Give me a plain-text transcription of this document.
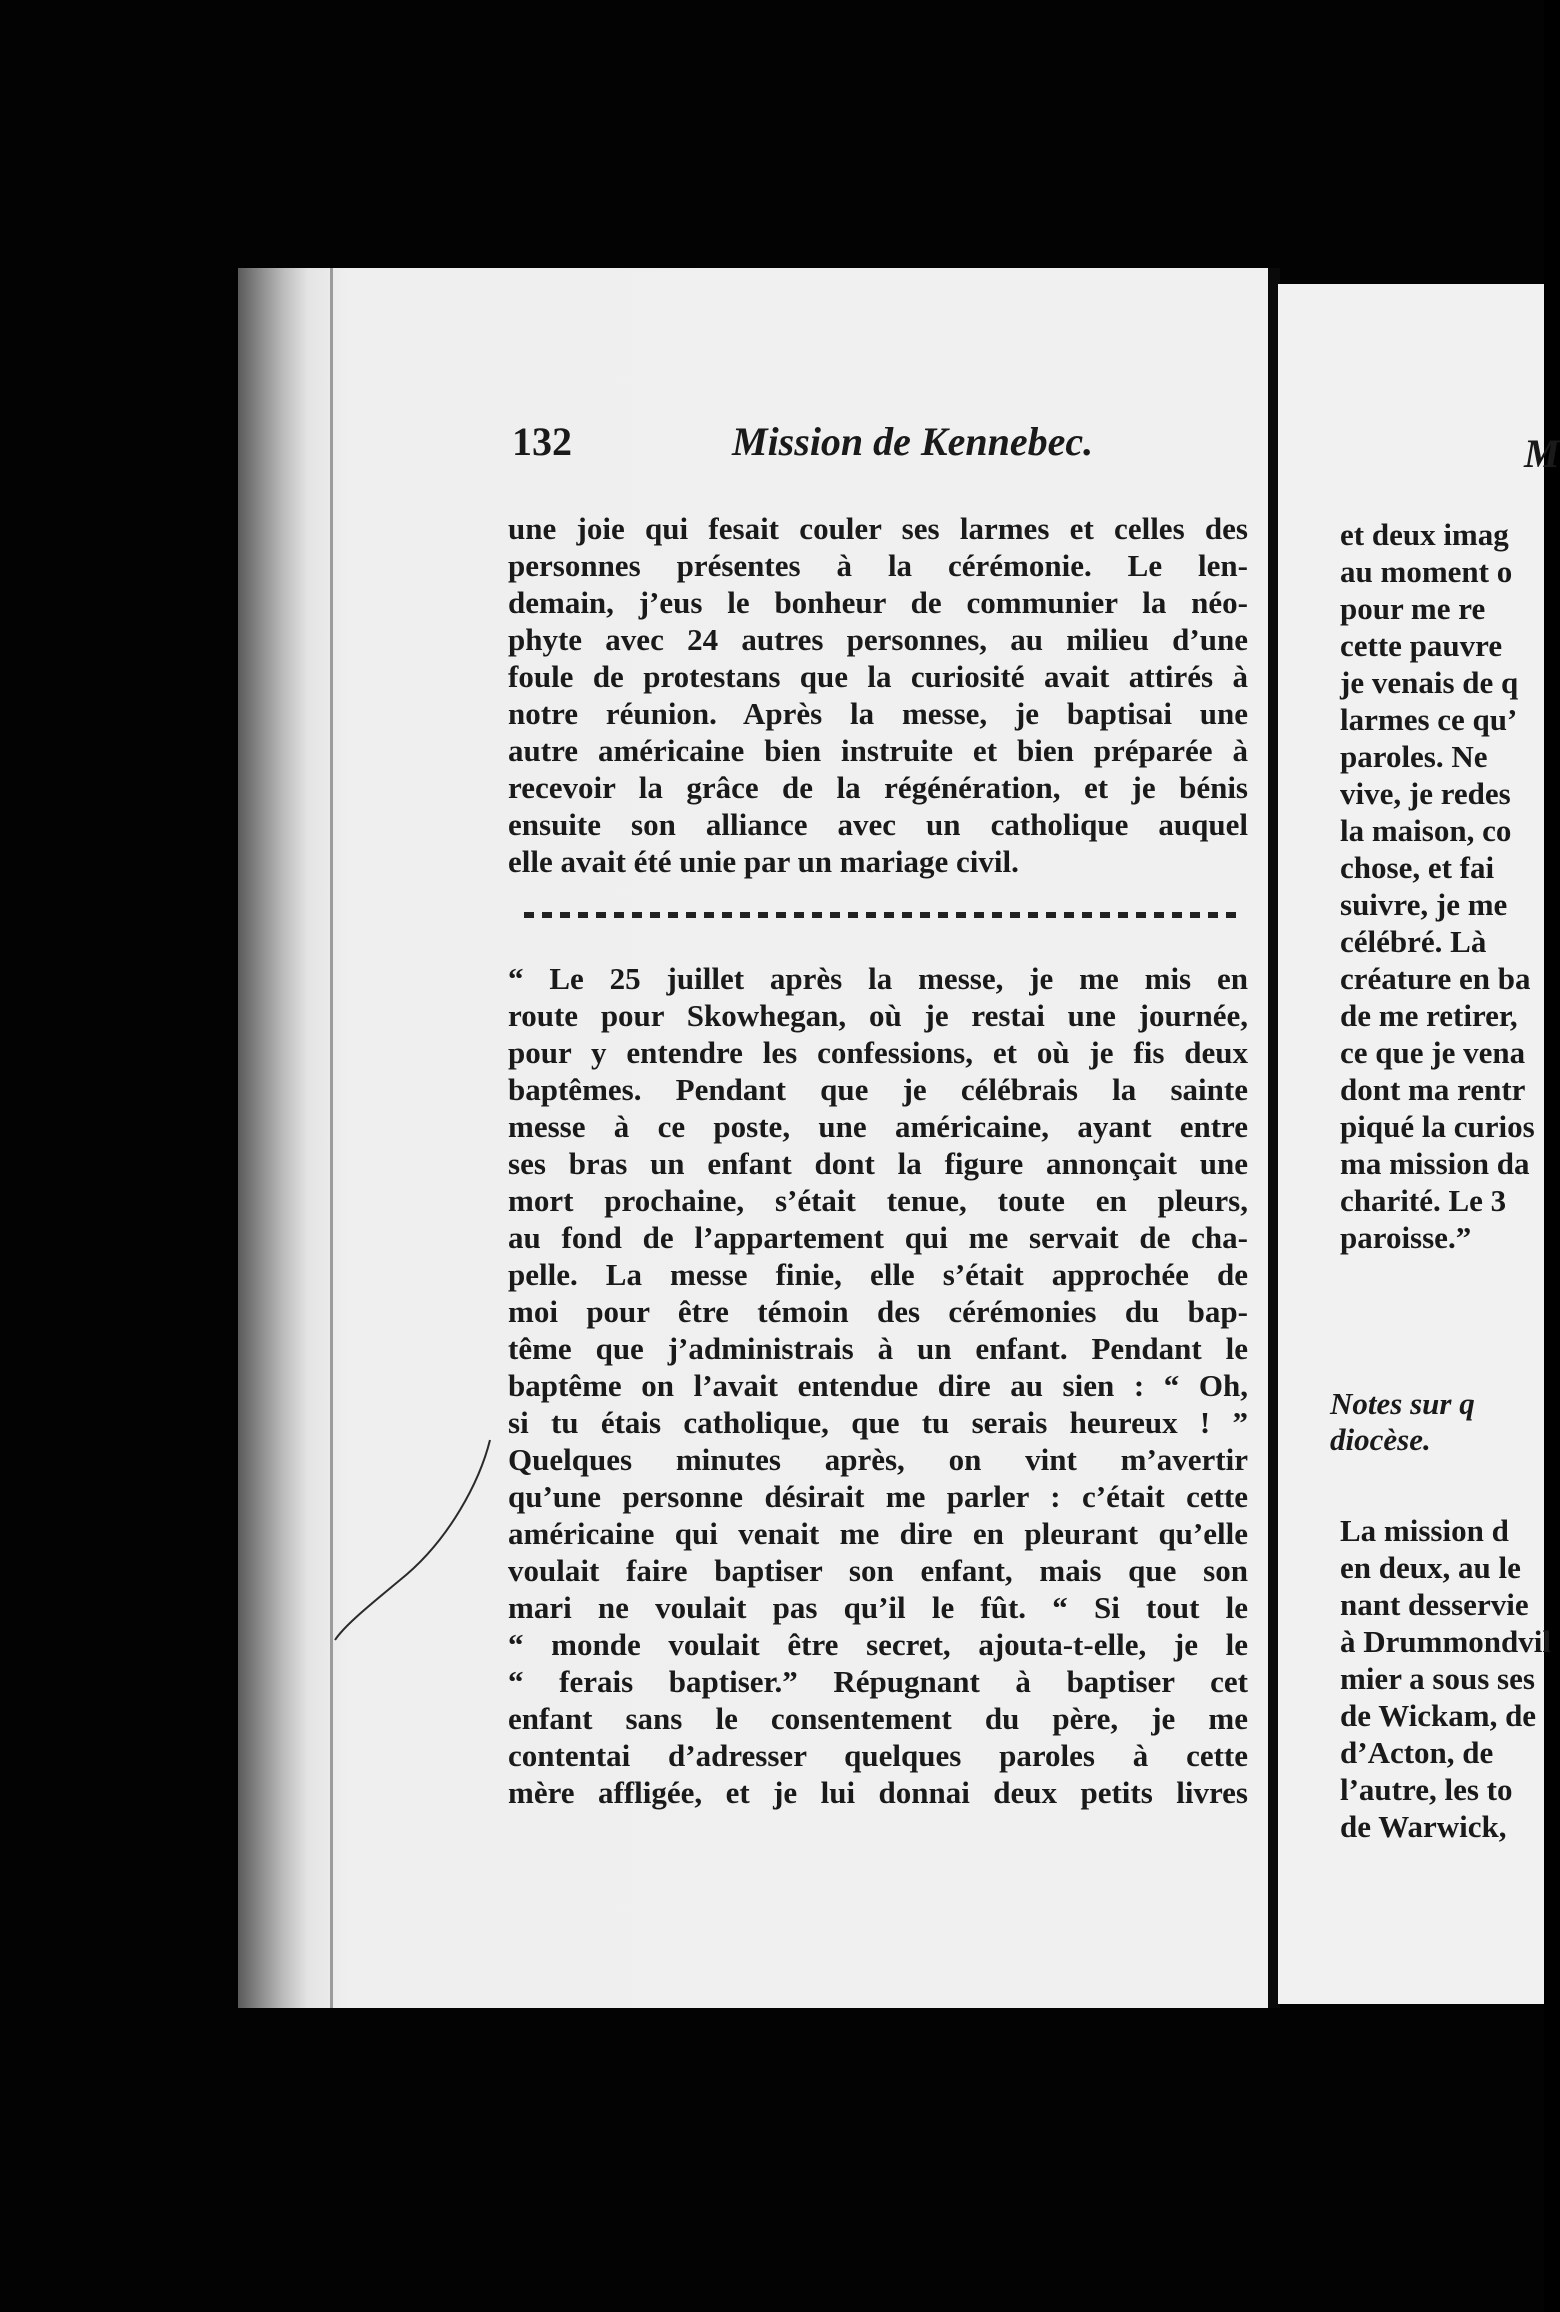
132	Mission de Kennebec.
une joie qui fesait couler ses larmes et celles des
personnes présentes à la cérémonie. Le len-
demain, j’eus le bonheur de communier la néo-
phyte avec 24 autres personnes, au milieu d’une
foule de protestans que la curiosité avait attirés à
notre réunion. Après la messe, je baptisai une
autre américaine bien instruite et bien préparée à
recevoir la grâce de la régénération, et je bénis
ensuite son alliance avec un catholique auquel
elle avait été unie par un mariage civil.
“ Le 25 juillet après la messe, je me mis en
route pour Skowhegan, où je restai une journée,
pour y entendre les confessions, et où je fis deux
baptêmes. Pendant que je célébrais la sainte
messe à ce poste, une américaine, ayant entre
ses bras un enfant dont la figure annonçait une
mort prochaine, s’était tenue, toute en pleurs,
au fond de l’appartement qui me servait de cha-
pelle. La messe finie, elle s’était approchée de
moi pour être témoin des cérémonies du bap-
tême que j’administrais à un enfant. Pendant le
baptême on l’avait entendue dire au sien : “ Oh,
si tu étais catholique, que tu serais heureux ! ”
Quelques minutes après, on vint m’avertir
qu’une personne désirait me parler : c’était cette
américaine qui venait me dire en pleurant qu’elle
voulait faire baptiser son enfant, mais que son
mari ne voulait pas qu’il le fût. “ Si tout le
“ monde voulait être secret, ajouta-t-elle, je le
“ ferais baptiser.” Répugnant à baptiser cet
enfant sans le consentement du père, je me
contentai d’adresser quelques paroles à cette
mère affligée, et je lui donnai deux petits livres
M
et deux imag
au moment o
pour me re
cette pauvre
je venais de q
larmes ce qu’
paroles. Ne
vive, je redes
la maison, co
chose, et fai
suivre, je me
célébré. Là
créature en ba
de me retirer,
ce que je vena
dont ma rentr
piqué la curios
ma mission da
charité. Le 3
paroisse.”
Notes sur q
diocèse.
La mission d
en deux, au le
nant desservie
à Drummondvil
mier a sous ses
de Wickam, de
d’Acton, de
l’autre, les to
de Warwick,
